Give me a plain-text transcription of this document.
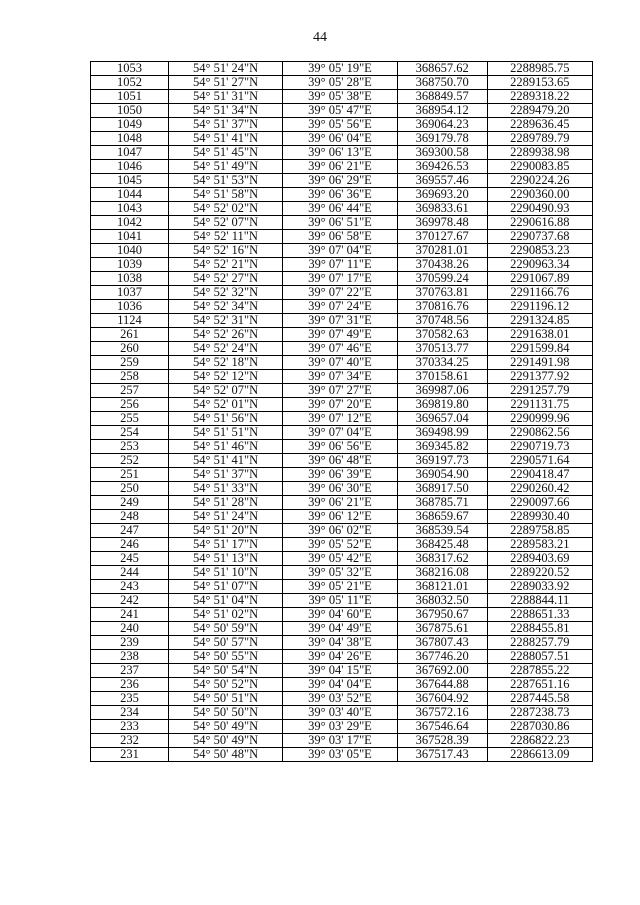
44
1053	54° 51' 24"N	39° 05' 19"E	368657.62	2288985.75
1052	54° 51' 27"N	39° 05' 28"E	368750.70	2289153.65
1051	54° 51' 31"N	39° 05' 38"E	368849.57	2289318.22
1050	54° 51' 34"N	39° 05' 47"E	368954.12	2289479.20
1049	54° 51' 37"N	39° 05' 56"E	369064.23	2289636.45
1048	54° 51' 41"N	39° 06' 04"E	369179.78	2289789.79
1047	54° 51' 45"N	39° 06' 13"E	369300.58	2289938.98
1046	54° 51' 49"N	39° 06' 21"E	369426.53	2290083.85
1045	54° 51' 53"N	39° 06' 29"E	369557.46	2290224.26
1044	54° 51' 58"N	39° 06' 36"E	369693.20	2290360.00
1043	54° 52' 02"N	39° 06' 44"E	369833.61	2290490.93
1042	54° 52' 07"N	39° 06' 51"E	369978.48	2290616.88
1041	54° 52' 11"N	39° 06' 58"E	370127.67	2290737.68
1040	54° 52' 16"N	39° 07' 04"E	370281.01	2290853.23
1039	54° 52' 21"N	39° 07' 11"E	370438.26	2290963.34
1038	54° 52' 27"N	39° 07' 17"E	370599.24	2291067.89
1037	54° 52' 32"N	39° 07' 22"E	370763.81	2291166.76
1036	54° 52' 34"N	39° 07' 24"E	370816.76	2291196.12
1124	54° 52' 31"N	39° 07' 31"E	370748.56	2291324.85
261	54° 52' 26"N	39° 07' 49"E	370582.63	2291638.01
260	54° 52' 24"N	39° 07' 46"E	370513.77	2291599.84
259	54° 52' 18"N	39° 07' 40"E	370334.25	2291491.98
258	54° 52' 12"N	39° 07' 34"E	370158.61	2291377.92
257	54° 52' 07"N	39° 07' 27"E	369987.06	2291257.79
256	54° 52' 01"N	39° 07' 20"E	369819.80	2291131.75
255	54° 51' 56"N	39° 07' 12"E	369657.04	2290999.96
254	54° 51' 51"N	39° 07' 04"E	369498.99	2290862.56
253	54° 51' 46"N	39° 06' 56"E	369345.82	2290719.73
252	54° 51' 41"N	39° 06' 48"E	369197.73	2290571.64
251	54° 51' 37"N	39° 06' 39"E	369054.90	2290418.47
250	54° 51' 33"N	39° 06' 30"E	368917.50	2290260.42
249	54° 51' 28"N	39° 06' 21"E	368785.71	2290097.66
248	54° 51' 24"N	39° 06' 12"E	368659.67	2289930.40
247	54° 51' 20"N	39° 06' 02"E	368539.54	2289758.85
246	54° 51' 17"N	39° 05' 52"E	368425.48	2289583.21
245	54° 51' 13"N	39° 05' 42"E	368317.62	2289403.69
244	54° 51' 10"N	39° 05' 32"E	368216.08	2289220.52
243	54° 51' 07"N	39° 05' 21"E	368121.01	2289033.92
242	54° 51' 04"N	39° 05' 11"E	368032.50	2288844.11
241	54° 51' 02"N	39° 04' 60"E	367950.67	2288651.33
240	54° 50' 59"N	39° 04' 49"E	367875.61	2288455.81
239	54° 50' 57"N	39° 04' 38"E	367807.43	2288257.79
238	54° 50' 55"N	39° 04' 26"E	367746.20	2288057.51
237	54° 50' 54"N	39° 04' 15"E	367692.00	2287855.22
236	54° 50' 52"N	39° 04' 04"E	367644.88	2287651.16
235	54° 50' 51"N	39° 03' 52"E	367604.92	2287445.58
234	54° 50' 50"N	39° 03' 40"E	367572.16	2287238.73
233	54° 50' 49"N	39° 03' 29"E	367546.64	2287030.86
232	54° 50' 49"N	39° 03' 17"E	367528.39	2286822.23
231	54° 50' 48"N	39° 03' 05"E	367517.43	2286613.09
